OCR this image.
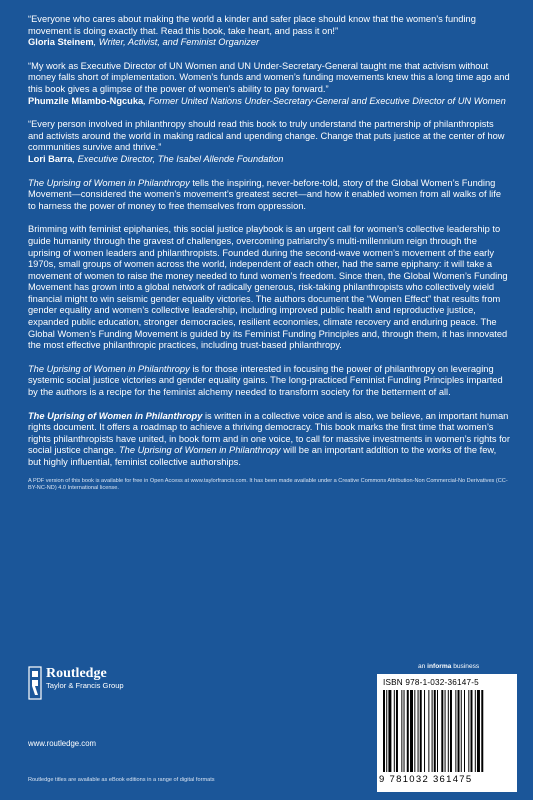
“Everyone who cares about making the world a kinder and safer place should know that the women’s funding movement is doing exactly that. Read this book, take heart, and pass it on!”
Gloria Steinem, Writer, Activist, and Feminist Organizer
“My work as Executive Director of UN Women and UN Under-Secretary-General taught me that activism without money falls short of implementation. Women’s funds and women’s funding movements knew this a long time ago and this book gives a glimpse of the power of women’s ability to pay forward.”
Phumzile Mlambo-Ngcuka, Former United Nations Under-Secretary-General and Executive Director of UN Women
“Every person involved in philanthropy should read this book to truly understand the partnership of philanthropists and activists around the world in making radical and upending change. Change that puts justice at the center of how communities survive and thrive.”
Lori Barra, Executive Director, The Isabel Allende Foundation

The Uprising of Women in Philanthropy tells the inspiring, never-before-told, story of the Global Women’s Funding Movement—considered the women’s movement’s greatest secret—and how it enabled women from all walks of life to harness the power of money to free themselves from oppression.

Brimming with feminist epiphanies, this social justice playbook is an urgent call for women’s collective leadership to guide humanity through the gravest of challenges, overcoming patriarchy’s multi-millennium reign through the uprising of women leaders and philanthropists. Founded during the second-wave women’s movement of the early 1970s, small groups of women across the world, independent of each other, had the same epiphany: it will take a movement of women to raise the money needed to fund women’s freedom. Since then, the Global Women’s Funding Movement has grown into a global network of radically generous, risk-taking philanthropists who collectively wield financial might to win seismic gender equality victories. The authors document the “Women Effect” that results from gender equality and women’s collective leadership, including improved public health and reproductive justice, expanded public education, stronger democracies, resilient economies, climate recovery and enduring peace. The Global Women’s Funding Movement is guided by its Feminist Funding Principles and, through them, it has innovated the most effective philanthropic practices, including trust-based philanthropy.

The Uprising of Women in Philanthropy is for those interested in focusing the power of philanthropy on leveraging systemic social justice victories and gender equality gains. The long-practiced Feminist Funding Principles imparted by the authors is a recipe for the feminist alchemy needed to transform society for the betterment of all.

The Uprising of Women in Philanthropy is written in a collective voice and is also, we believe, an important human rights document. It offers a roadmap to achieve a thriving democracy. This book marks the first time that women’s rights philanthropists have united, in book form and in one voice, to call for massive investments in women’s rights for social justice change. The Uprising of Women in Philanthropy will be an important addition to the works of the few, but highly influential, feminist collective authorships.

A PDF version of this book is available for free in Open Access at www.taylorfrancis.com. It has been made available under a Creative Commons Attribution-Non Commercial-No Derivatives (CC-BY-NC-ND) 4.0 International license.

Routledge
Taylor & Francis Group
www.routledge.com
Routledge titles are available as eBook editions in a range of digital formats
an informa business
ISBN 978-1-032-36147-5
9 781032 361475
